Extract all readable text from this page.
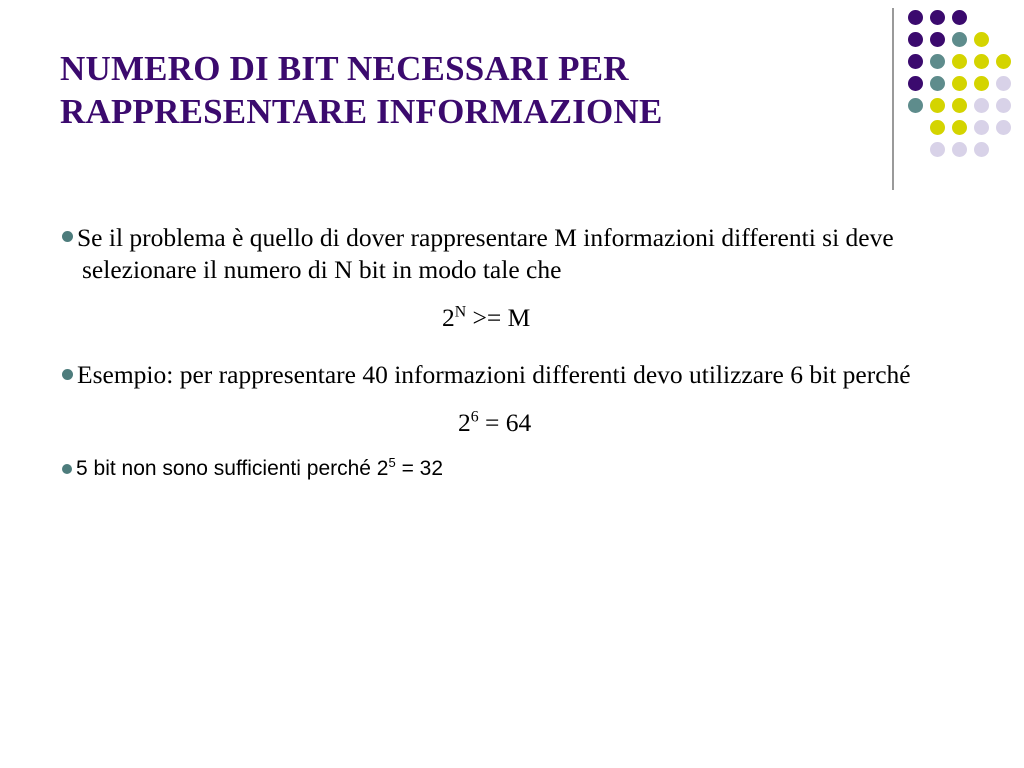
NUMERO DI BIT NECESSARI PER
RAPPRESENTARE INFORMAZIONE

Se il problema è quello di dover rappresentare M informazioni differenti si deve selezionare il numero di N bit in modo tale che

$2^N >= M$

Esempio: per rappresentare 40 informazioni differenti devo utilizzare 6 bit perché

$2^6 = 64$

5 bit non sono sufficienti perché $2^5 = 32$
